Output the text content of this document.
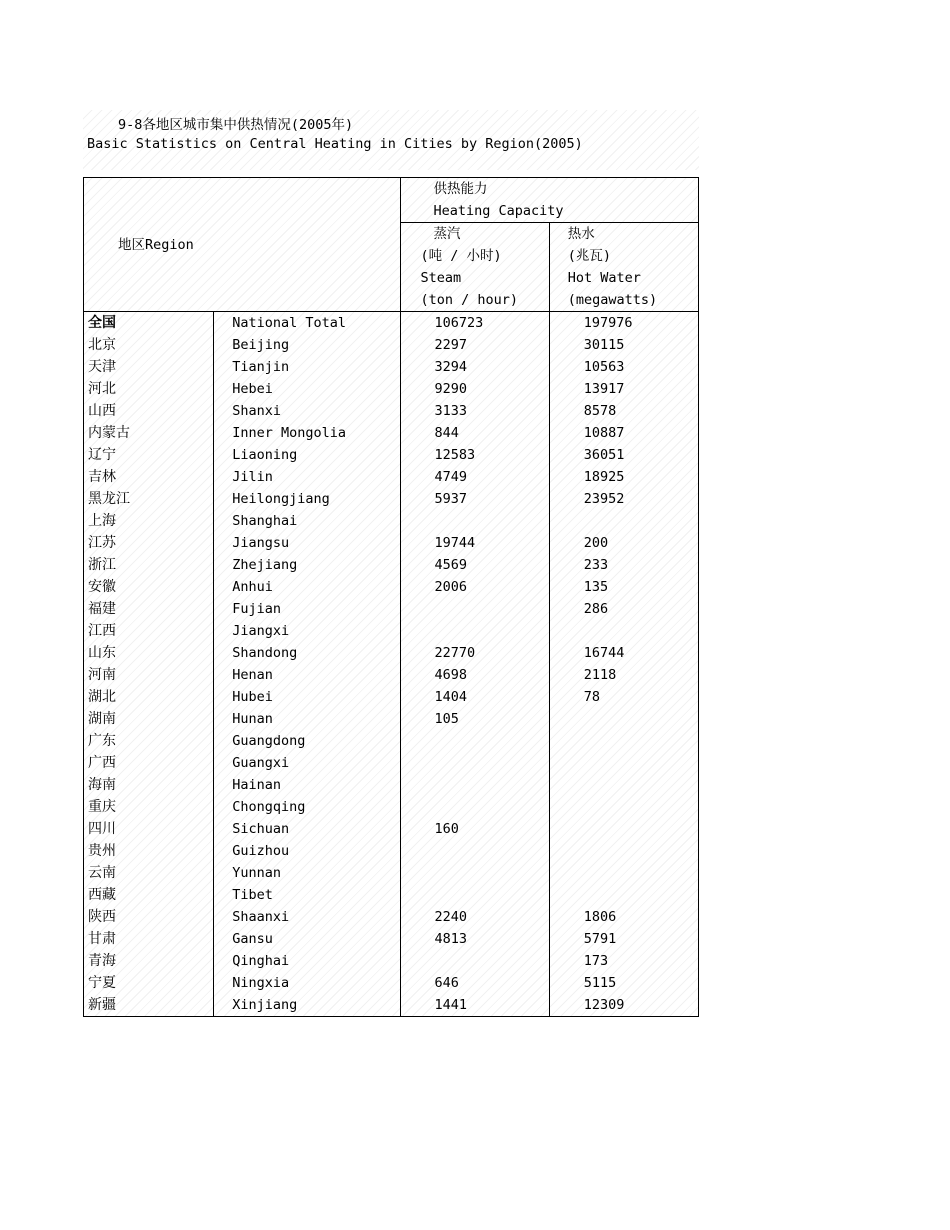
9-8各地区城市集中供热情况(2005年)
Basic Statistics on Central Heating in Cities by Region(2005)
地区Region		供热能力	
		Heating Capacity	
		蒸汽	热水
		(吨 / 小时)	(兆瓦)
		Steam	Hot Water
		(ton / hour)	(megawatts)
全国	National Total	106723	197976
北京	Beijing	2297	30115
天津	Tianjin	3294	10563
河北	Hebei	9290	13917
山西	Shanxi	3133	8578
内蒙古	Inner Mongolia	844	10887
辽宁	Liaoning	12583	36051
吉林	Jilin	4749	18925
黑龙江	Heilongjiang	5937	23952
上海	Shanghai		
江苏	Jiangsu	19744	200
浙江	Zhejiang	4569	233
安徽	Anhui	2006	135
福建	Fujian		286
江西	Jiangxi		
山东	Shandong	22770	16744
河南	Henan	4698	2118
湖北	Hubei	1404	78
湖南	Hunan	105	
广东	Guangdong		
广西	Guangxi		
海南	Hainan		
重庆	Chongqing		
四川	Sichuan	160	
贵州	Guizhou		
云南	Yunnan		
西藏	Tibet		
陕西	Shaanxi	2240	1806
甘肃	Gansu	4813	5791
青海	Qinghai		173
宁夏	Ningxia	646	5115
新疆	Xinjiang	1441	12309
